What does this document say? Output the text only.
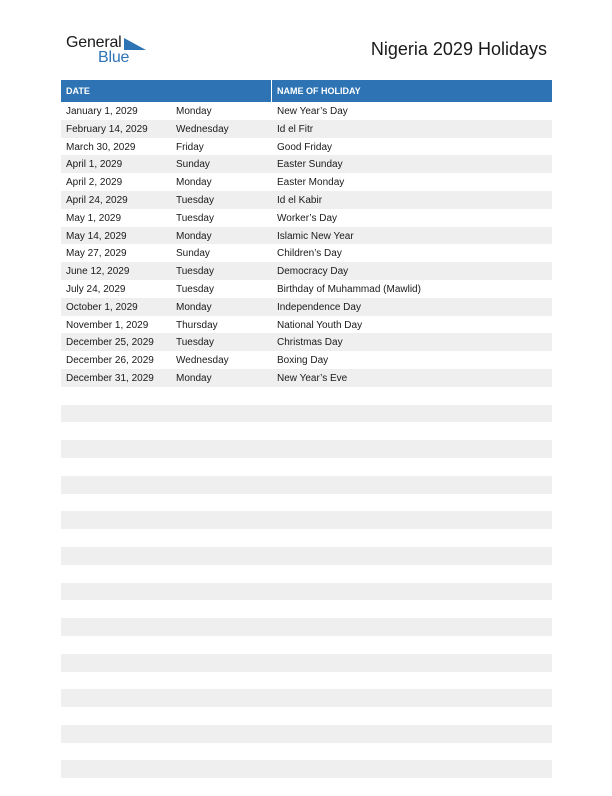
General
Blue	Nigeria 2029 Holidays
DATE	NAME OF HOLIDAY
January 1, 2029	Monday	New Year’s Day
February 14, 2029	Wednesday	Id el Fitr
March 30, 2029	Friday	Good Friday
April 1, 2029	Sunday	Easter Sunday
April 2, 2029	Monday	Easter Monday
April 24, 2029	Tuesday	Id el Kabir
May 1, 2029	Tuesday	Worker’s Day
May 14, 2029	Monday	Islamic New Year
May 27, 2029	Sunday	Children’s Day
June 12, 2029	Tuesday	Democracy Day
July 24, 2029	Tuesday	Birthday of Muhammad (Mawlid)
October 1, 2029	Monday	Independence Day
November 1, 2029	Thursday	National Youth Day
December 25, 2029 Tuesday	Christmas Day
December 26, 2029 Wednesday	Boxing Day
December 31, 2029 Monday	New Year’s Eve
